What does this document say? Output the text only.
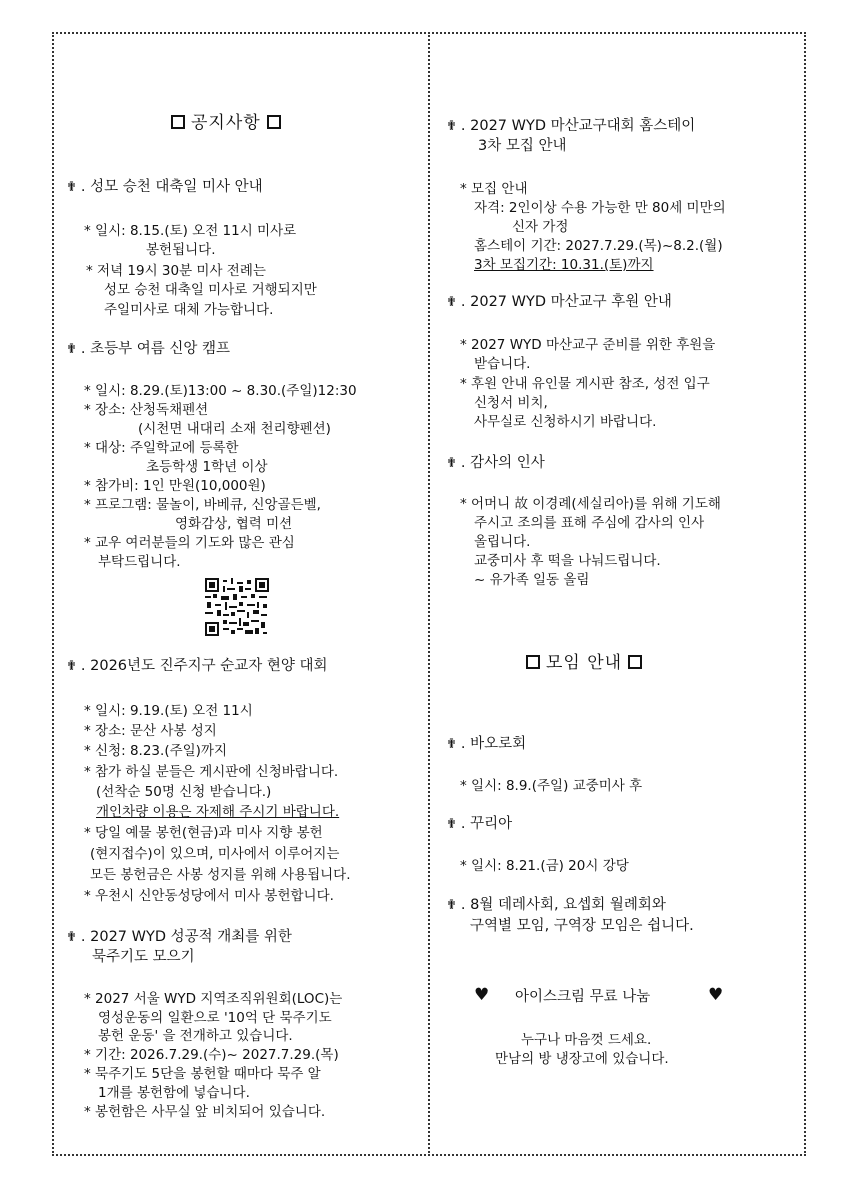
공지사항
✟ . 성모 승천 대축일 미사 안내
* 일시: 8.15.(토) 오전 11시 미사로
봉헌됩니다.
* 저녁 19시 30분 미사 전례는
성모 승천 대축일 미사로 거행되지만
주일미사로 대체 가능합니다.
✟ . 초등부 여름 신앙 캠프
* 일시: 8.29.(토)13:00 ~ 8.30.(주일)12:30
* 장소: 산청독채펜션
(시천면 내대리 소재 천리향펜션)
* 대상: 주일학교에 등록한
초등학생 1학년 이상
* 참가비: 1인 만원(10,000원)
* 프로그램: 물놀이, 바베큐, 신앙골든벨,
영화감상, 협력 미션
* 교우 여러분들의 기도와 많은 관심
부탁드립니다.
✟ . 2026년도 진주지구 순교자 현양 대회
* 일시: 9.19.(토) 오전 11시
* 장소: 문산 사봉 성지
* 신청: 8.23.(주일)까지
* 참가 하실 분들은 게시판에 신청바랍니다.
(선착순 50명 신청 받습니다.)
개인차량 이용은 자제해 주시기 바랍니다.
* 당일 예물 봉헌(현금)과 미사 지향 봉헌
(현지접수)이 있으며, 미사에서 이루어지는
모든 봉헌금은 사봉 성지를 위해 사용됩니다.
* 우천시 신안동성당에서 미사 봉헌합니다.
✟ . 2027 WYD 성공적 개최를 위한
묵주기도 모으기
* 2027 서울 WYD 지역조직위원회(LOC)는
영성운동의 일환으로 '10억 단 묵주기도
봉헌 운동' 을 전개하고 있습니다.
* 기간: 2026.7.29.(수)~ 2027.7.29.(목)
* 묵주기도 5단을 봉헌할 때마다 묵주 알
1개를 봉헌함에 넣습니다.
* 봉헌함은 사무실 앞 비치되어 있습니다.
✟ . 2027 WYD 마산교구대회 홈스테이
3차 모집 안내
* 모집 안내
자격: 2인이상 수용 가능한 만 80세 미만의
신자 가정
홈스테이 기간: 2027.7.29.(목)~8.2.(월)
3차 모집기간: 10.31.(토)까지
✟ . 2027 WYD 마산교구 후원 안내
* 2027 WYD 마산교구 준비를 위한 후원을
받습니다.
* 후원 안내 유인물 게시판 참조, 성전 입구
신청서 비치,
사무실로 신청하시기 바랍니다.
✟ . 감사의 인사
* 어머니 故 이경례(세실리아)를 위해 기도해
주시고 조의를 표해 주심에 감사의 인사
올립니다.
교중미사 후 떡을 나눠드립니다.
~ 유가족 일동 올림
모임 안내
✟ . 바오로회
* 일시: 8.9.(주일) 교중미사 후
✟ . 꾸리아
* 일시: 8.21.(금) 20시 강당
✟ . 8월 데레사회, 요셉회 월례회와
구역별 모임, 구역장 모임은 쉽니다.
♥ 아이스크림 무료 나눔	♥
누구나 마음껏 드세요.
만남의 방 냉장고에 있습니다.
